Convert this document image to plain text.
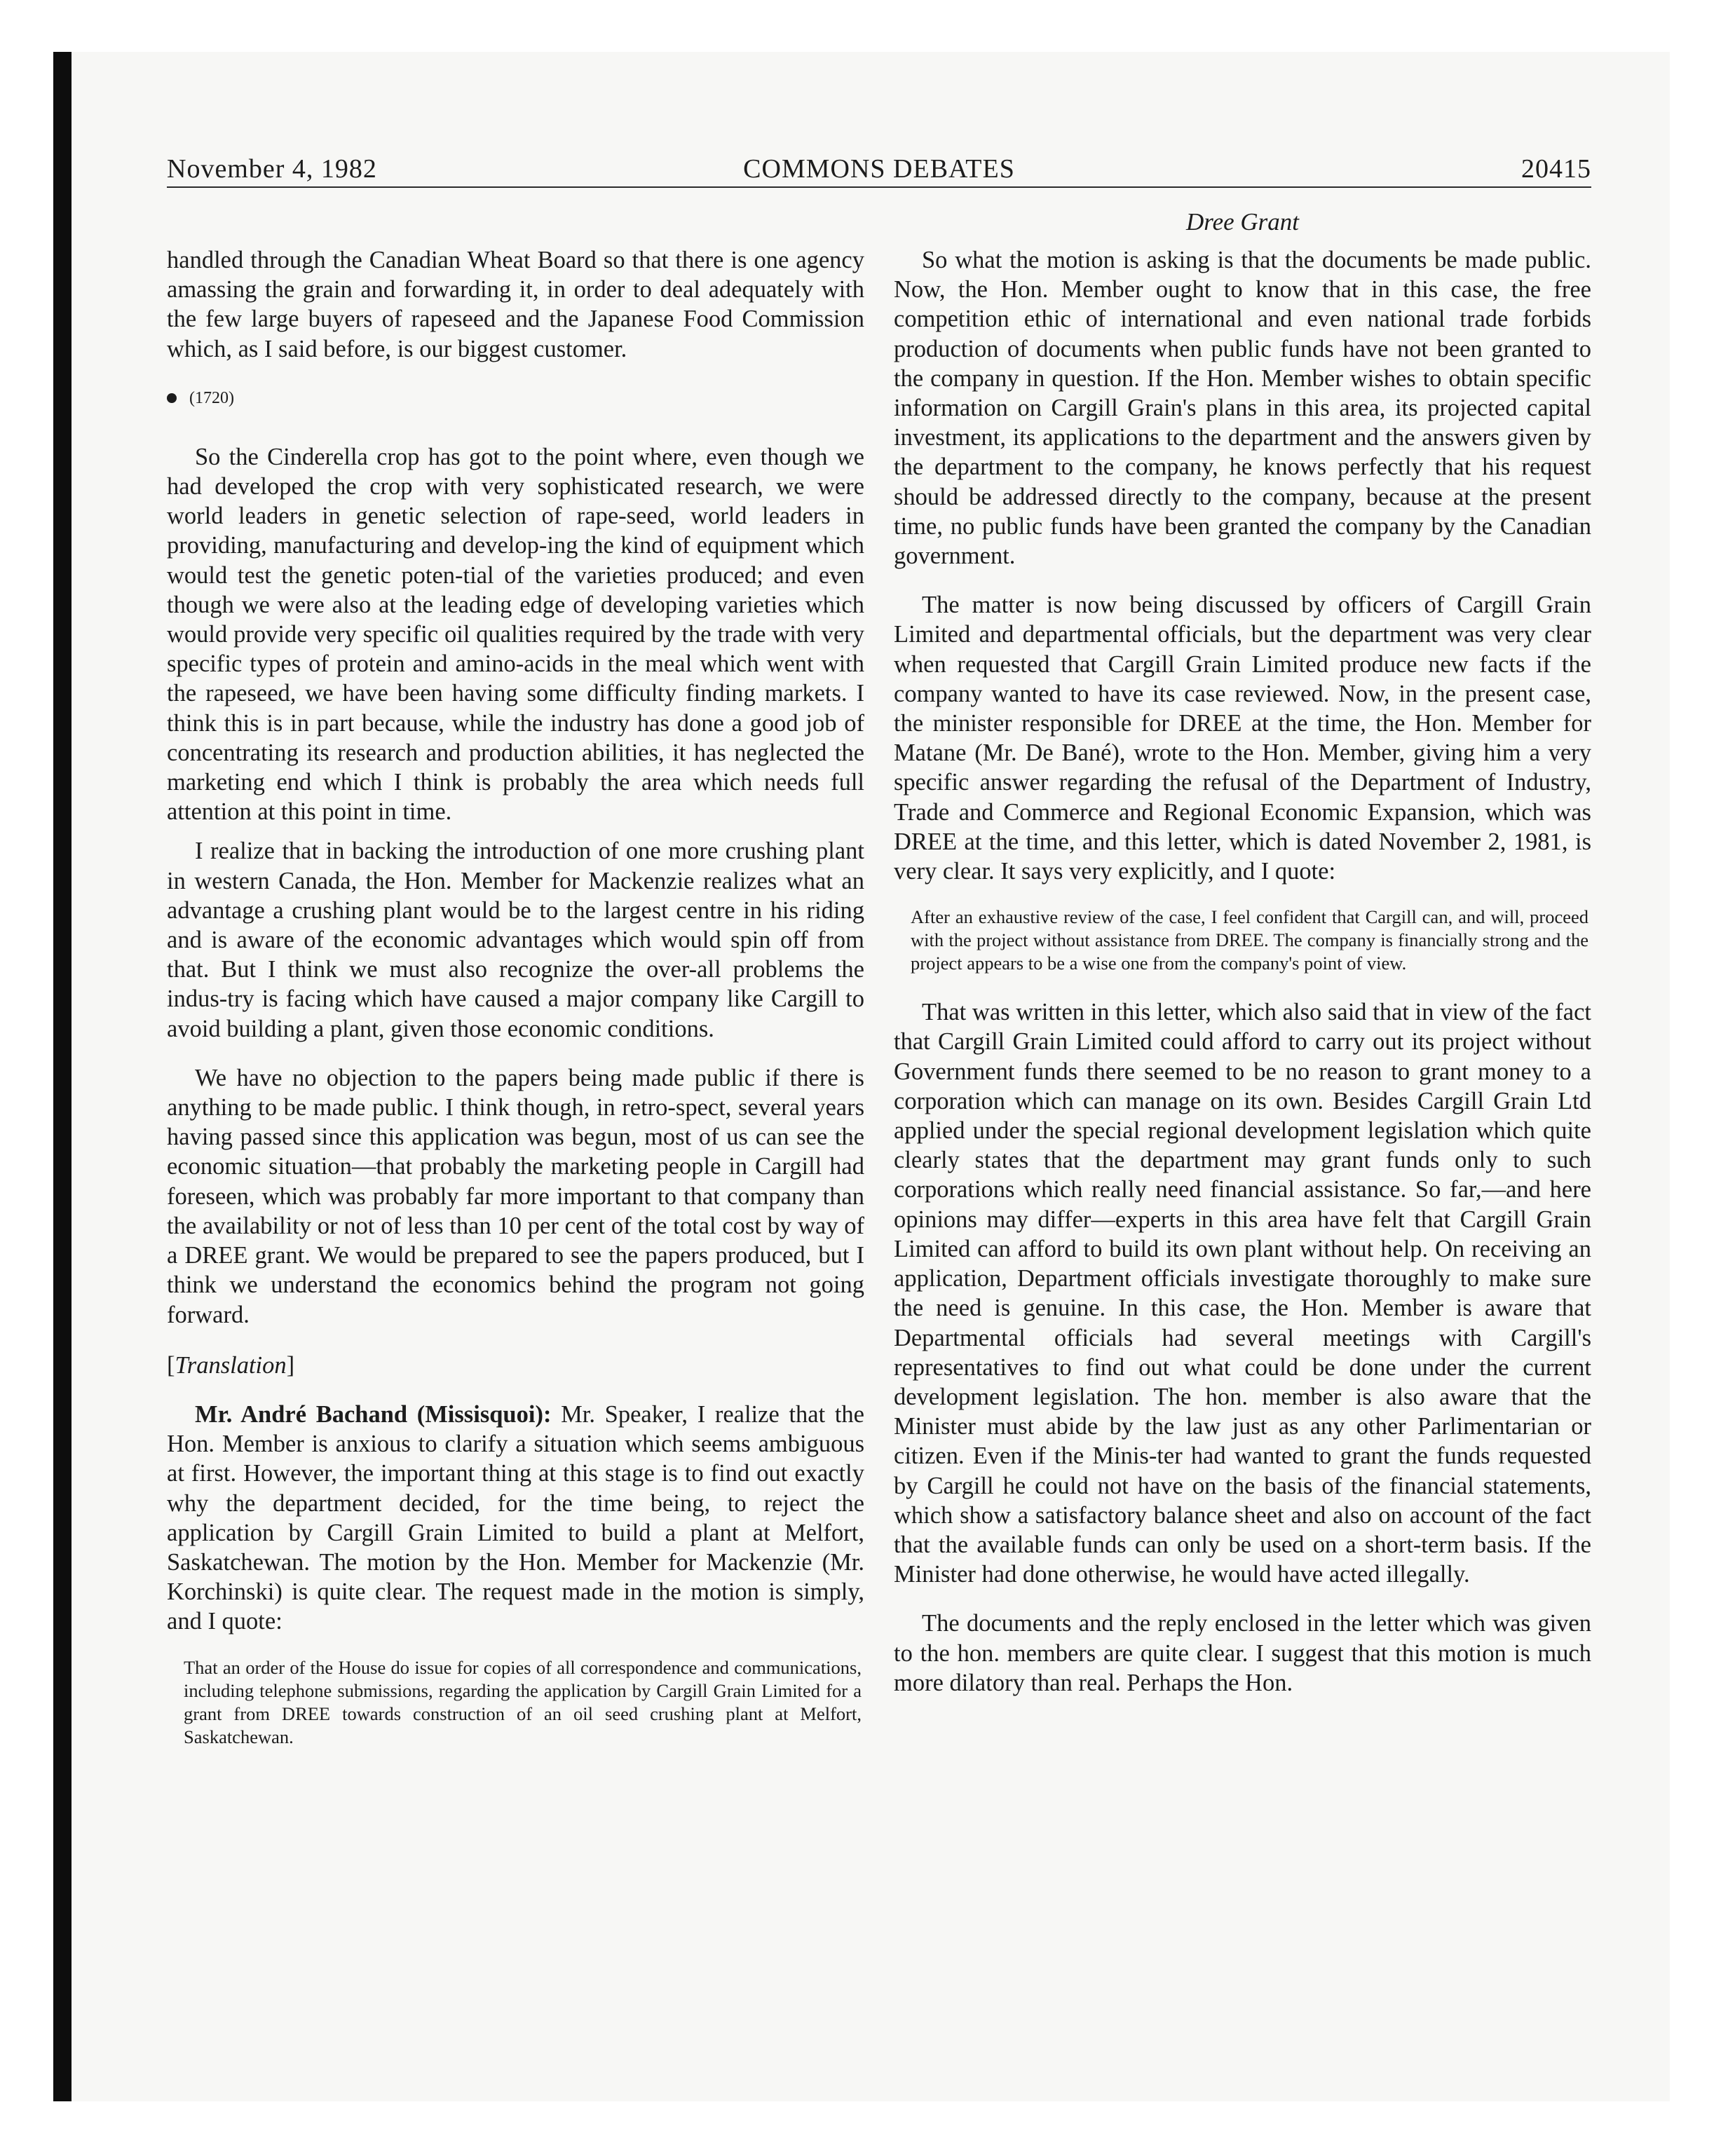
November 4, 1982	COMMONS DEBATES	20415
Dree Grant

handled through the Canadian Wheat Board so that there is one agency amassing the grain and forwarding it, in order to deal adequately with the few large buyers of rapeseed and the Japanese Food Commission which, as I said before, is our biggest customer.

(1720)

So the Cinderella crop has got to the point where, even though we had developed the crop with very sophisticated research, we were world leaders in genetic selection of rape-seed, world leaders in providing, manufacturing and develop-ing the kind of equipment which would test the genetic poten-tial of the varieties produced; and even though we were also at the leading edge of developing varieties which would provide very specific oil qualities required by the trade with very specific types of protein and amino-acids in the meal which went with the rapeseed, we have been having some difficulty finding markets. I think this is in part because, while the industry has done a good job of concentrating its research and production abilities, it has neglected the marketing end which I think is probably the area which needs full attention at this point in time.

I realize that in backing the introduction of one more crushing plant in western Canada, the Hon. Member for Mackenzie realizes what an advantage a crushing plant would be to the largest centre in his riding and is aware of the economic advantages which would spin off from that. But I think we must also recognize the over-all problems the indus-try is facing which have caused a major company like Cargill to avoid building a plant, given those economic conditions.

We have no objection to the papers being made public if there is anything to be made public. I think though, in retro-spect, several years having passed since this application was begun, most of us can see the economic situation—that probably the marketing people in Cargill had foreseen, which was probably far more important to that company than the availability or not of less than 10 per cent of the total cost by way of a DREE grant. We would be prepared to see the papers produced, but I think we understand the economics behind the program not going forward.

[Translation]

Mr. André Bachand (Missisquoi): Mr. Speaker, I realize that the Hon. Member is anxious to clarify a situation which seems ambiguous at first. However, the important thing at this stage is to find out exactly why the department decided, for the time being, to reject the application by Cargill Grain Limited to build a plant at Melfort, Saskatchewan. The motion by the Hon. Member for Mackenzie (Mr. Korchinski) is quite clear. The request made in the motion is simply, and I quote:

That an order of the House do issue for copies of all correspondence and communications, including telephone submissions, regarding the application by Cargill Grain Limited for a grant from DREE towards construction of an oil seed crushing plant at Melfort, Saskatchewan.

So what the motion is asking is that the documents be made public. Now, the Hon. Member ought to know that in this case, the free competition ethic of international and even national trade forbids production of documents when public funds have not been granted to the company in question. If the Hon. Member wishes to obtain specific information on Cargill Grain's plans in this area, its projected capital investment, its applications to the department and the answers given by the department to the company, he knows perfectly that his request should be addressed directly to the company, because at the present time, no public funds have been granted the company by the Canadian government.

The matter is now being discussed by officers of Cargill Grain Limited and departmental officials, but the department was very clear when requested that Cargill Grain Limited produce new facts if the company wanted to have its case reviewed. Now, in the present case, the minister responsible for DREE at the time, the Hon. Member for Matane (Mr. De Bané), wrote to the Hon. Member, giving him a very specific answer regarding the refusal of the Department of Industry, Trade and Commerce and Regional Economic Expansion, which was DREE at the time, and this letter, which is dated November 2, 1981, is very clear. It says very explicitly, and I quote:

After an exhaustive review of the case, I feel confident that Cargill can, and will, proceed with the project without assistance from DREE. The company is financially strong and the project appears to be a wise one from the company's point of view.

That was written in this letter, which also said that in view of the fact that Cargill Grain Limited could afford to carry out its project without Government funds there seemed to be no reason to grant money to a corporation which can manage on its own. Besides Cargill Grain Ltd applied under the special regional development legislation which quite clearly states that the department may grant funds only to such corporations which really need financial assistance. So far,—and here opinions may differ—experts in this area have felt that Cargill Grain Limited can afford to build its own plant without help. On receiving an application, Department officials investigate thoroughly to make sure the need is genuine. In this case, the Hon. Member is aware that Departmental officials had several meetings with Cargill's representatives to find out what could be done under the current development legislation. The hon. member is also aware that the Minister must abide by the law just as any other Parlimentarian or citizen. Even if the Minis-ter had wanted to grant the funds requested by Cargill he could not have on the basis of the financial statements, which show a satisfactory balance sheet and also on account of the fact that the available funds can only be used on a short-term basis. If the Minister had done otherwise, he would have acted illegally.

The documents and the reply enclosed in the letter which was given to the hon. members are quite clear. I suggest that this motion is much more dilatory than real. Perhaps the Hon.
